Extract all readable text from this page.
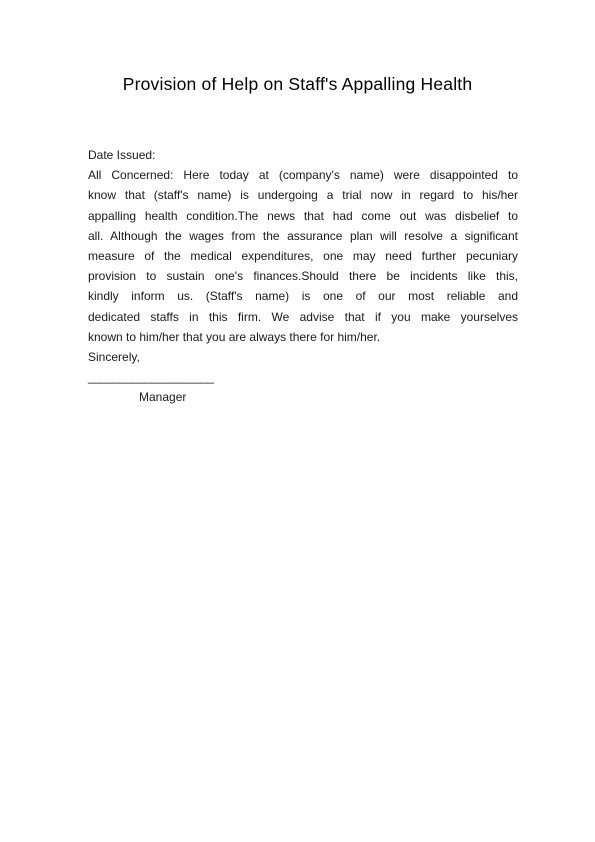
Provision of Help on Staff's Appalling Health
Date Issued:
All Concerned: Here today at (company's name) were disappointed to
know that (staff's name) is undergoing a trial now in regard to his/her
appalling health condition.The news that had come out was disbelief to
all. Although the wages from the assurance plan will resolve a significant
measure of the medical expenditures, one may need further pecuniary
provision to sustain one's finances.Should there be incidents like this,
kindly inform us. (Staff's name) is one of our most reliable and
dedicated staffs in this firm. We advise that if you make yourselves
known to him/her that you are always there for him/her.
Sincerely,
____________________
Manager
